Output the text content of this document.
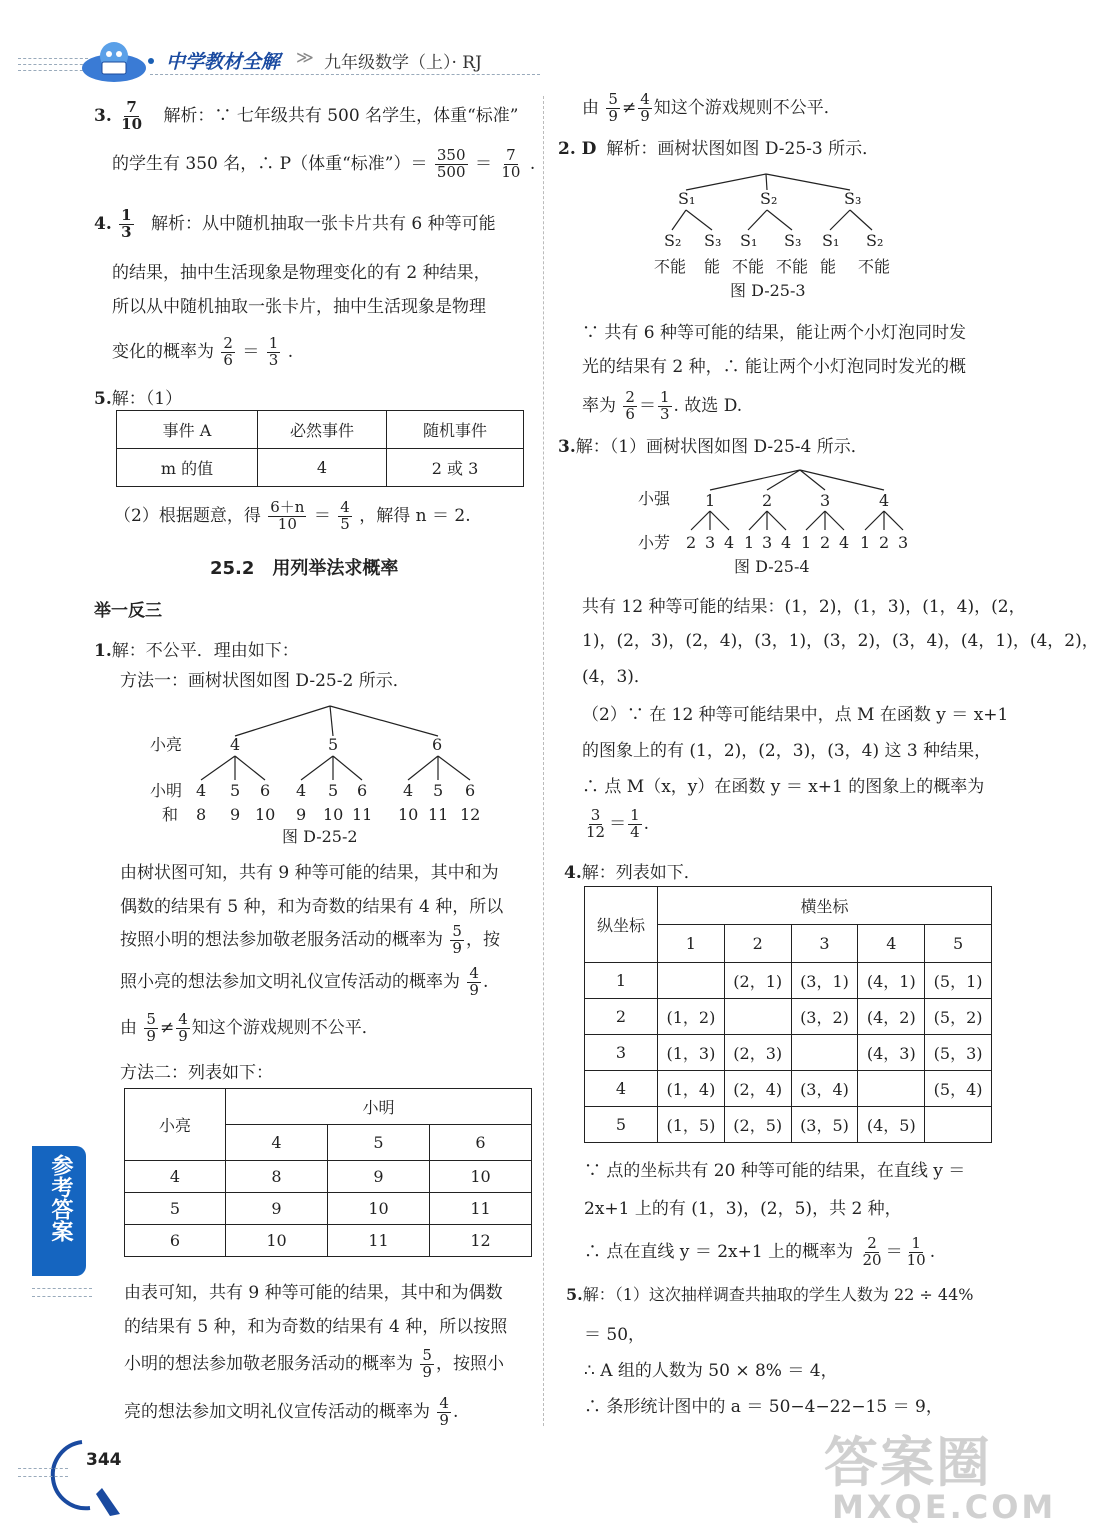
中学教材全解 ≫ 九年级数学（上）· RJ
3. $\frac{7}{10}$ 解析：∵ 七年级共有 500 名学生，体重“标准”
的学生有 350 名，∴ P（体重“标准”）＝ $\frac{350}{500} = \frac{7}{10}$ .
4. $\frac{1}{3}$ 解析：从中随机抽取一张卡片共有 6 种等可能
的结果，抽中生活现象是物理变化的有 2 种结果，
所以从中随机抽取一张卡片，抽中生活现象是物理
变化的概率为 $\frac{2}{6} = \frac{1}{3}$ .
5.解：（1）
事件 A	必然事件	随机事件
m 的值	4	2 或 3
（2）根据题意，得 $\frac{6+n}{10} = \frac{4}{5}$ ，解得 n ＝ 2.
25.2　用列举法求概率
举一反三
1.解：不公平．理由如下：
方法一：画树状图如图 D-25-2 所示．
小亮	4	5	6
小明 4 5 6 4 5 6 4 5 6
和 8 9 10 9 10 11 10 11 12
图 D-25-2
由树状图可知，共有 9 种等可能的结果，其中和为
偶数的结果有 5 种，和为奇数的结果有 4 种，所以
按照小明的想法参加敬老服务活动的概率为 $\frac{5}{9}$ ，按
照小亮的想法参加文明礼仪宣传活动的概率为 $\frac{4}{9}$ .
由 $\frac{5}{9} \ne \frac{4}{9}$ 知这个游戏规则不公平．
方法二：列表如下：
小亮	小明		
	4	5	6
4	8	9	10
5	9	10	11
6	10	11	12
由表可知，共有 9 种等可能的结果，其中和为偶数
的结果有 5 种，和为奇数的结果有 4 种，所以按照
小明的想法参加敬老服务活动的概率为 $\frac{5}{9}$ ，按照小
亮的想法参加文明礼仪宣传活动的概率为 $\frac{4}{9}$ .
参考答案
344
由 $\frac{5}{9} \ne \frac{4}{9}$ 知这个游戏规则不公平．
2. D 解析：画树状图如图 D-25-3 所示．
S₁	S₂	S₃
S₂ S₃ S₁ S₃ S₁ S₂
不能 能 不能 不能 能 不能
图 D-25-3
∵ 共有 6 种等可能的结果，能让两个小灯泡同时发
光的结果有 2 种，∴ 能让两个小灯泡同时发光的概
率为 $\frac{2}{6} = \frac{1}{3}$ . 故选 D.
3.解：（1）画树状图如图 D-25-4 所示．
小强 1	2	3	4
小芳 2 3 4 1 3 4 1 2 4 1 2 3
图 D-25-4
共有 12 种等可能的结果：(1，2)，(1，3)，(1，4)，(2，
1)，(2，3)，(2，4)，(3，1)，(3，2)，(3，4)，(4，1)，(4，2)，
(4，3)．
（2）∵ 在 12 种等可能结果中，点 M 在函数 y ＝ x+1
的图象上的有 (1，2)，(2，3)，(3，4) 这 3 种结果，
∴ 点 M（x，y）在函数 y ＝ x+1 的图象上的概率为
$\frac{3}{12} = \frac{1}{4}$ .
4.解：列表如下．
纵坐标	横坐标				
	1	2	3	4	5
1		(2，1)	(3，1)	(4，1)	(5，1)
2	(1，2)		(3，2)	(4，2)	(5，2)
3	(1，3)	(2，3)		(4，3)	(5，3)
4	(1，4)	(2，4)	(3，4)		(5，4)
5	(1，5)	(2，5)	(3，5)	(4，5)	
∵ 点的坐标共有 20 种等可能的结果，在直线 y ＝
2x+1 上的有 (1，3)，(2，5)，共 2 种，
∴ 点在直线 y ＝ 2x+1 上的概率为 $\frac{2}{20} = \frac{1}{10}$ .
5.解：（1）这次抽样调查共抽取的学生人数为 22 ÷ 44%
＝ 50，
∴ A 组的人数为 50 × 8% ＝ 4，
∴ 条形统计图中的 a ＝ 50−4−22−15 ＝ 9，
答案圈
MXQE.COM
